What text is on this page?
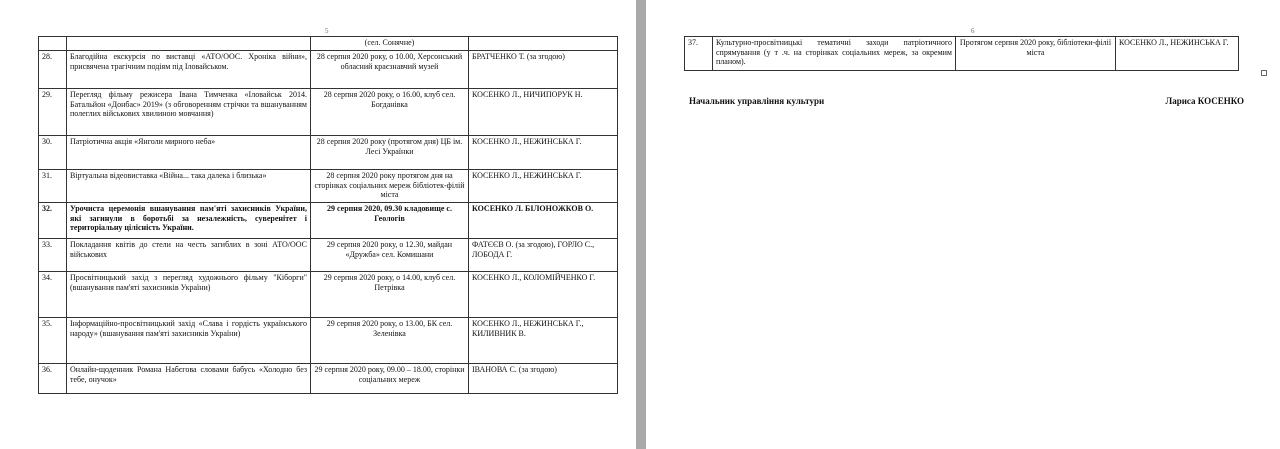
5
		(сел. Сонячне)	
28.	Благодійна екскурсія по виставці «АТО/ООС. Хроніка війни», присвячена трагічним подіям під Іловайськом.	28 серпня 2020 року, о 10.00, Херсонський обласний краєзнавчий музей	БРАТЧЕНКО Т. (за згодою)
29.	Перегляд фільму режисера Івана Тимченка «Іловайськ 2014. Батальйон «Донбас» 2019» (з обговоренням стрічки та вшануванням полеглих військових хвилиною мовчання)	28 серпня 2020 року, о 16.00, клуб сел. Богданівка	КОСЕНКО Л., НИЧИПОРУК Н.
30.	Патріотична акція «Янголи мирного неба»	28 серпня 2020 року (протягом дня) ЦБ ім. Лесі Українки	КОСЕНКО Л., НЕЖИНСЬКА Г.
31.	Віртуальна відеовиставка «Війна... така далека і близька»	28 серпня 2020 року протягом дня на сторінках соціальних мереж бібліотек-філій міста	КОСЕНКО Л., НЕЖИНСЬКА Г.
32.	Урочиста церемонія вшанування пам'яті захисників України, які загинули в боротьбі за незалежність, суверенітет і територіальну цілісність України.	29 серпня 2020, 09.30 кладовище с. Геологів	КОСЕНКО Л. БІЛОНОЖКОВ О.
33.	Покладання квітів до стели на честь загиблих в зоні АТО/ООС військових	29 серпня 2020 року, о 12.30, майдан «Дружба» сел. Комишани	ФАТЄЄВ О. (за згодою), ГОРЛО С., ЛОБОДА Г.
34.	Просвітницький захід з перегляд художнього фільму "Кіборги" (вшанування пам'яті захисників України)	29 серпня 2020 року, о 14.00, клуб сел. Петрівка	КОСЕНКО Л., КОЛОМІЙЧЕНКО Г.
35.	Інформаційно-просвітницький захід «Слава і гордість українського народу» (вшанування пам'яті захисників України)	29 серпня 2020 року, о 13.00, БК сел. Зеленівка	КОСЕНКО Л., НЕЖИНСЬКА Г., КИЛИВНИК В.
36.	Онлайн-щоденник Романа Набєгова словами бабусь «Холодно без тебе, онучок»	29 серпня 2020 року, 09.00 – 18.00, сторінки соціальних мереж	ІВАНОВА С. (за згодою)
6
37.	Культурно-просвітницькі тематичні заходи патріотичного спрямування (у т .ч. на сторінках соціальних мереж, за окремим планом).	Протягом серпня 2020 року, бібліотеки-філії міста	КОСЕНКО Л., НЕЖИНСЬКА Г.
Начальник управління культури	Лариса КОСЕНКО
